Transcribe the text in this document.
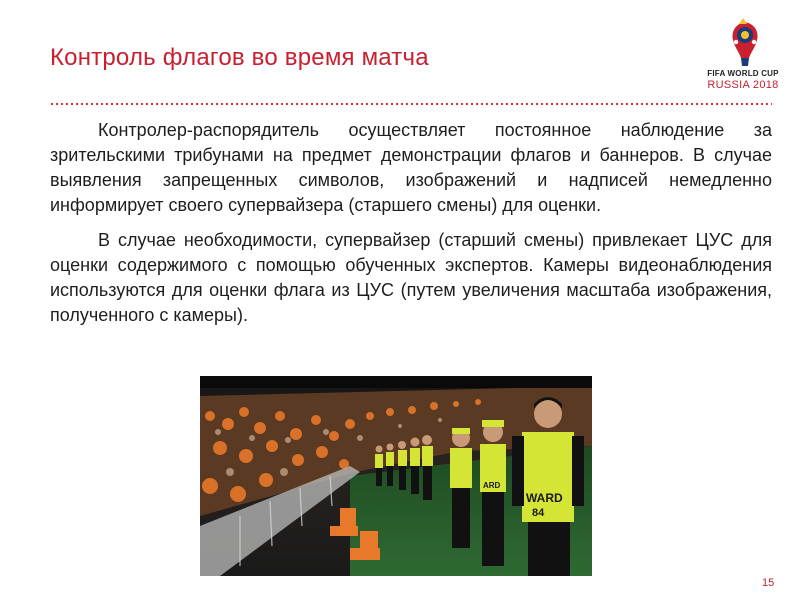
Контроль флагов во время матча
FIFA WORLD CUP
RUSSIA 2018

Контролер-распорядитель осуществляет постоянное наблюдение за зрительскими трибунами на предмет демонстрации флагов и баннеров. В случае выявления запрещенных символов, изображений и надписей немедленно информирует своего супервайзера (старшего смены) для оценки.

В случае необходимости, супервайзер (старший смены) привлекает ЦУС для оценки содержимого с помощью обученных экспертов. Камеры видеонаблюдения используются для оценки флага из ЦУС (путем увеличения масштаба изображения, полученного с камеры).

WARD
84
ARD
15
